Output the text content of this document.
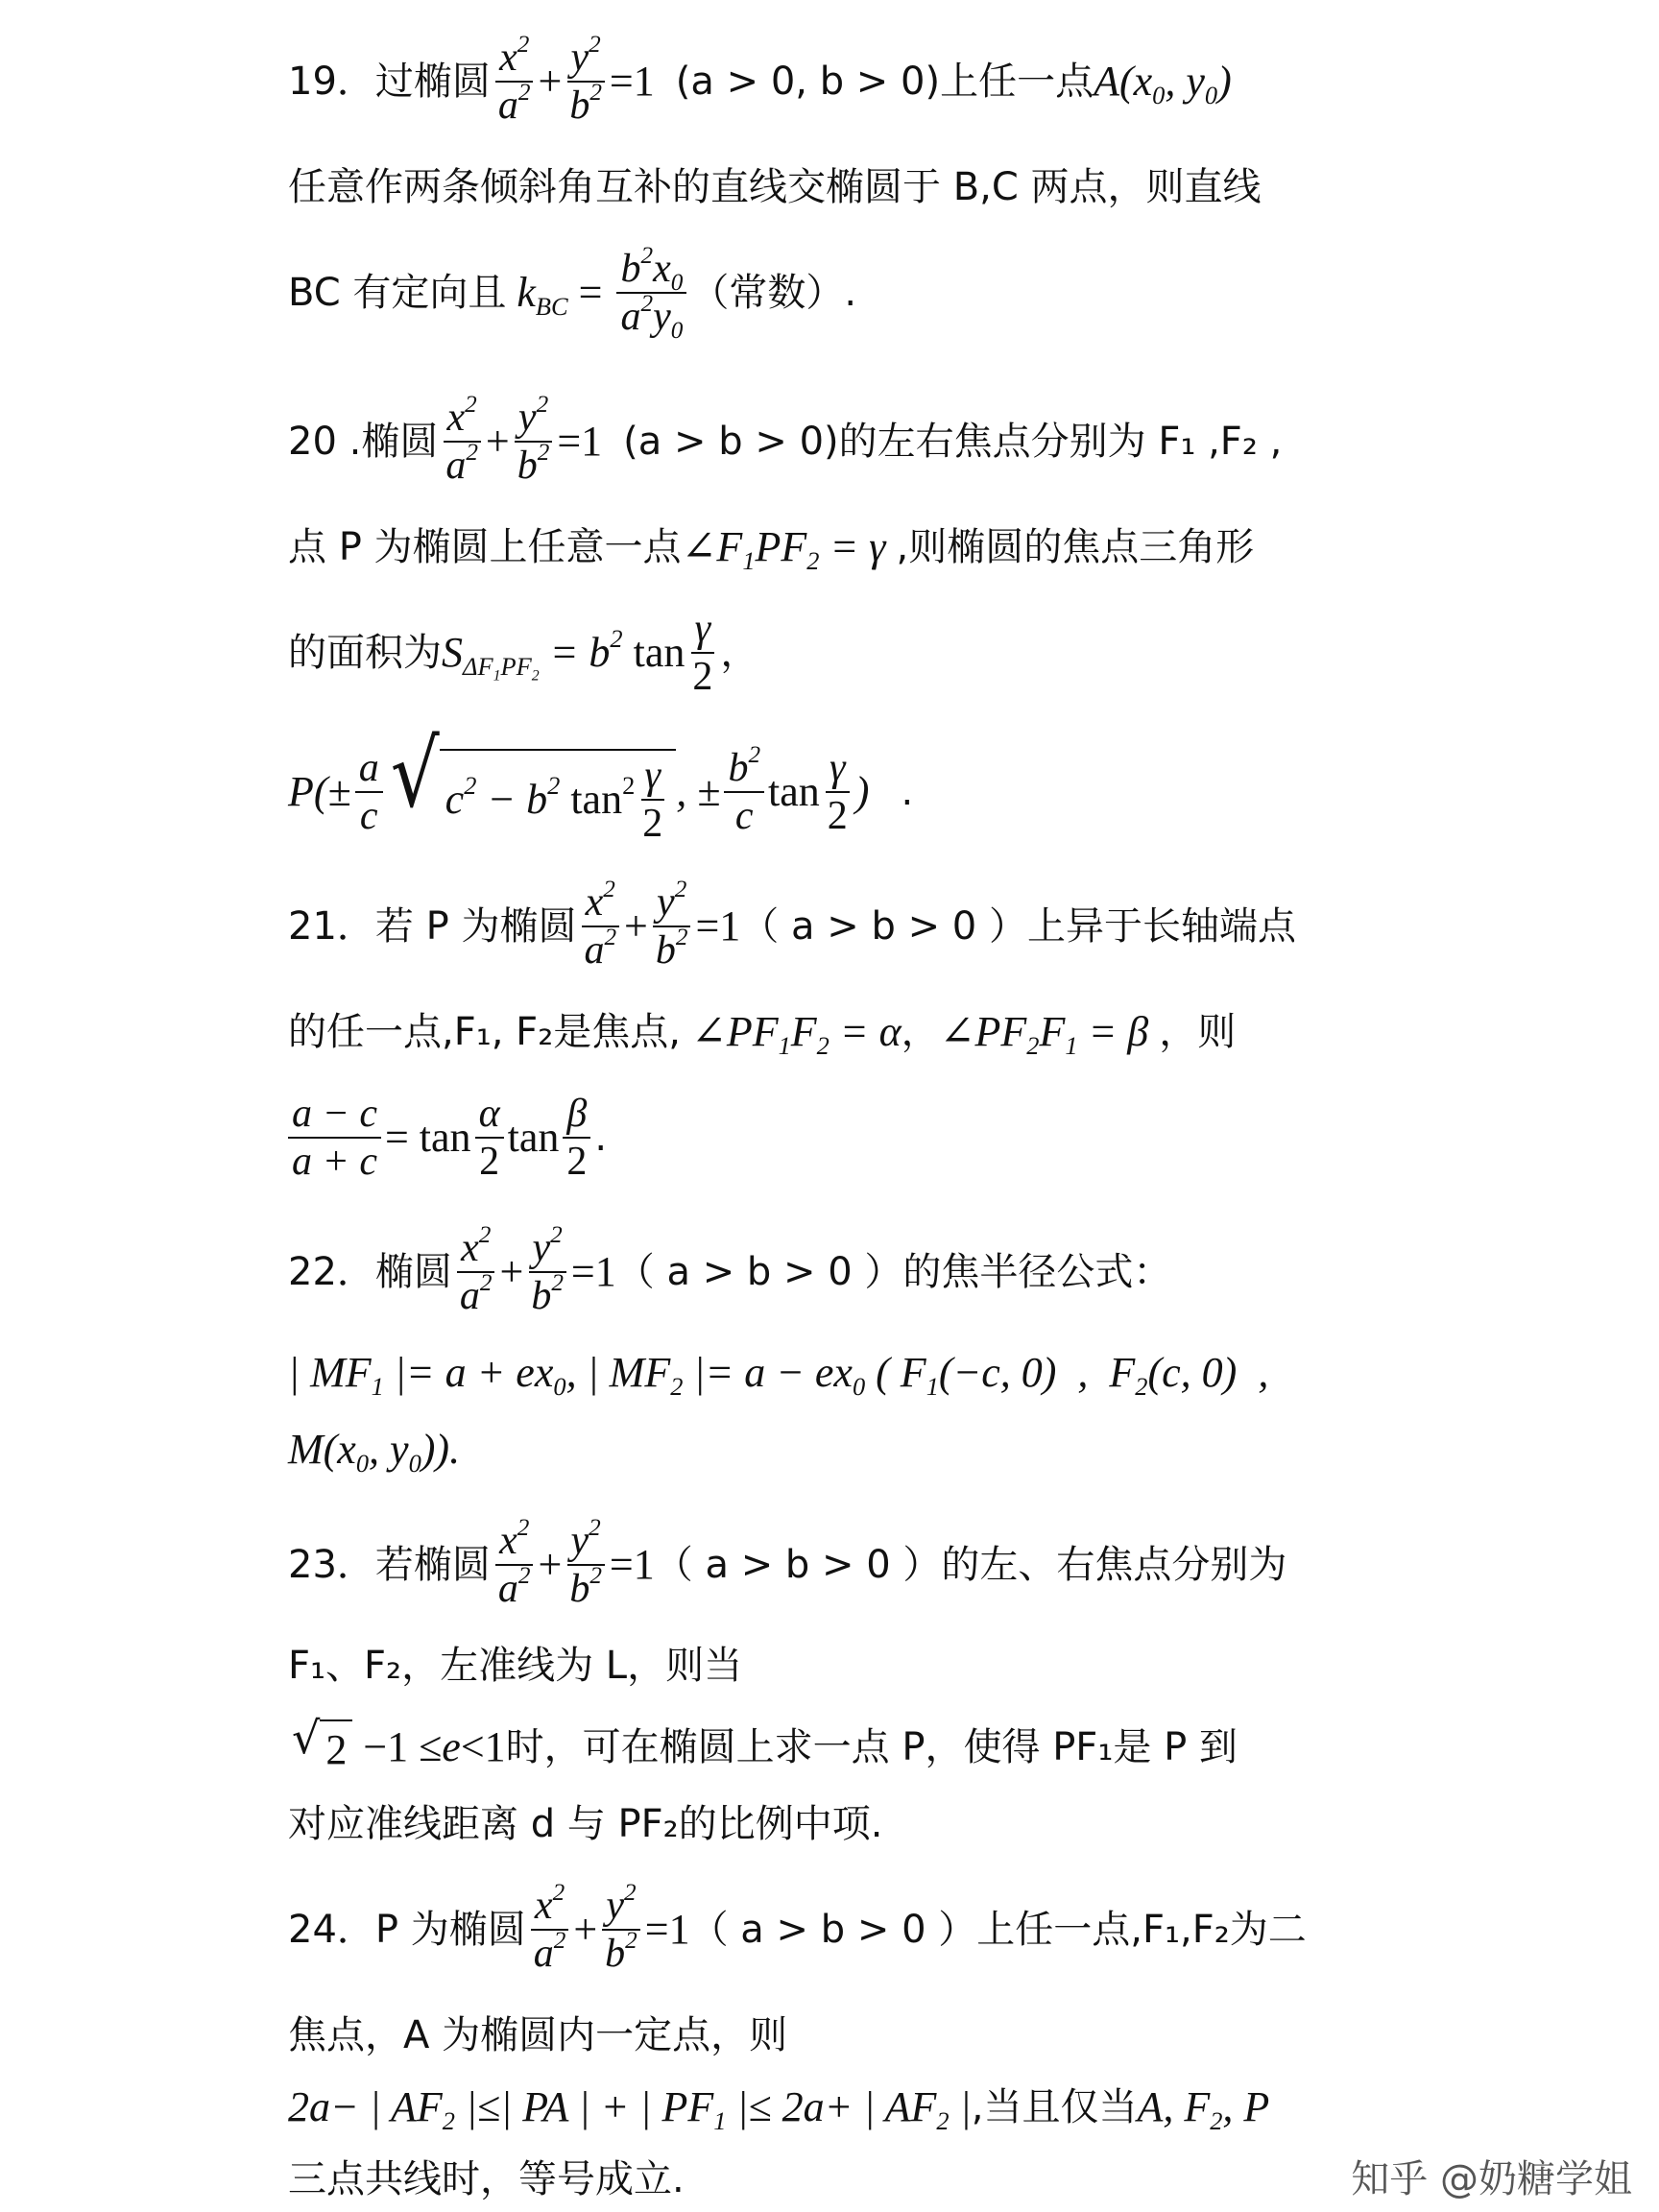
19．过椭圆 $\frac{x^2}{a^2} + \frac{y^2}{b^2} =1$ (a > 0, b > 0)上任一点 $A(x_0$, $y_0$)
任意作两条倾斜角互补的直线交椭圆于 B,C 两点，则直线
BC 有定向且 $k_{BC} = \frac{b^2x_0}{a^2y_0}$ （常数）.
20 .椭圆 $\frac{x^2}{a^2} + \frac{y^2}{b^2} =1$ (a > b > 0)的左右焦点分别为 F₁ ,F₂ ,
点 P 为椭圆上任意一点 $\angle F_1PF_2 = \gamma$ ,则椭圆的焦点三角形
的面积为 $S_{\Delta F_1PF_2} = b^2$ $\tan \frac{\gamma}{2}$ ，
$P(\pm \frac{a}{c}$ √ $c^2 - b^2$ $\tan^2 \frac{\gamma}{2}$ , ± $\frac{b^2}{c}$ $\tan \frac{\gamma}{2}$ ) .
21．若 P 为椭圆 $\frac{x^2}{a^2} + \frac{y^2}{b^2} =1$ （ a > b > 0 ）上异于长轴端点
的任一点,F₁, F₂是焦点, $\angle PF_1F_2 = \alpha$ ， $\angle PF_2F_1 = \beta$ ，则
$\frac{a - c}{a + c} = \tan \frac{\alpha}{2}$ $\tan \frac{\beta}{2}$ .
22．椭圆 $\frac{x^2}{a^2} + \frac{y^2}{b^2} =1$ （ a > b > 0 ）的焦半径公式：
| $MF_1$ |= $a + ex_0$, | $MF_2$ |= $a - ex_0$ ( $F_1(-c$, 0)  ,  $F_2(c$, 0)  ,
$M(x_0$, $y_0$)).
23．若椭圆 $\frac{x^2}{a^2} + \frac{y^2}{b^2} =1$ （ a > b > 0 ）的左、右焦点分别为
F₁、F₂，左准线为 L，则当
√ 2 −1 ≤ e <1 时，可在椭圆上求一点 P，使得 PF₁是 P 到
对应准线距离 d 与 PF₂的比例中项.
24．P 为椭圆 $\frac{x^2}{a^2} + \frac{y^2}{b^2} =1$ （ a > b > 0 ）上任一点,F₁,F₂为二
焦点，A 为椭圆内一定点，则
2a− | $AF_2$ |≤| PA | + | $PF_1$ |≤ 2a+ | $AF_2$ | ,当且仅当 A, $F_2$, P
三点共线时，等号成立.	知乎 @奶糖学姐
